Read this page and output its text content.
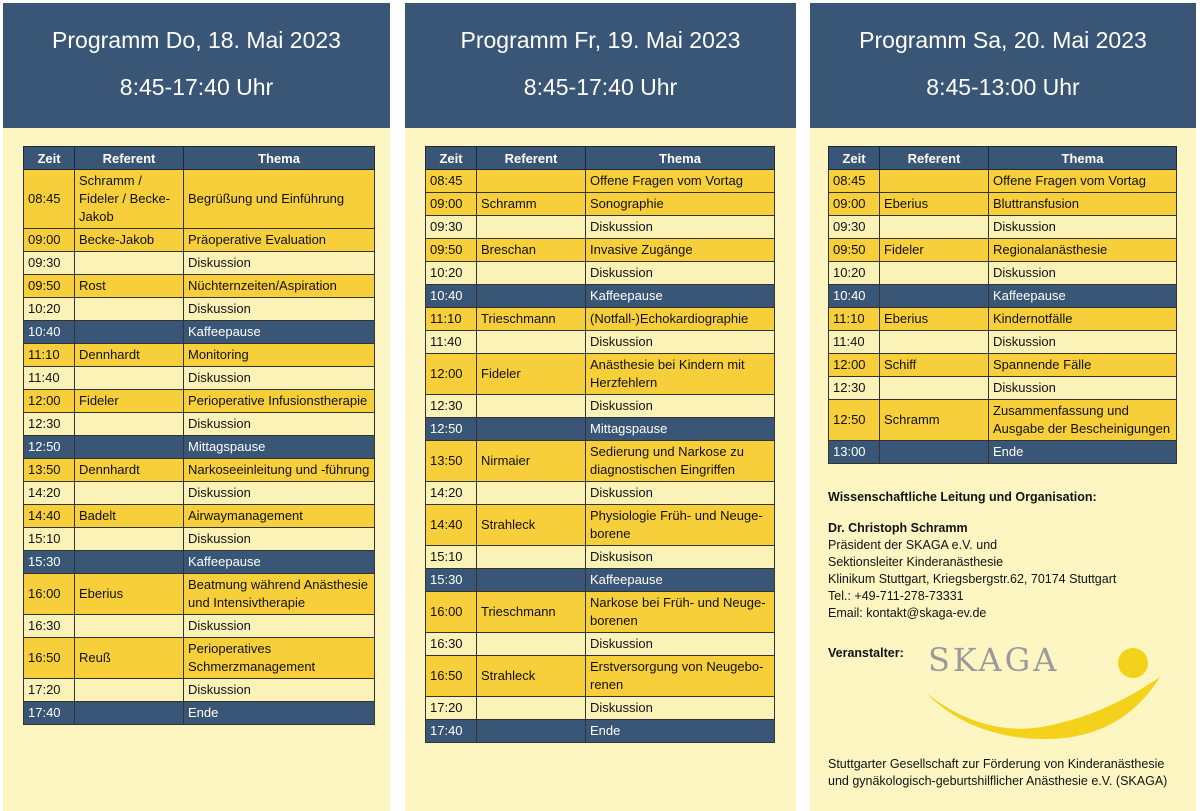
Programm Do, 18. Mai 2023
8:45-17:40 Uhr
Zeit	Referent	Thema
08:45	Schramm / Fideler / Becke-Jakob	Begrüßung und Einführung
09:00	Becke-Jakob	Präoperative Evaluation
09:30		Diskussion
09:50	Rost	Nüchternzeiten/Aspiration
10:20		Diskussion
10:40		Kaffeepause
11:10	Dennhardt	Monitoring
11:40		Diskussion
12:00	Fideler	Perioperative Infusionstherapie
12:30		Diskussion
12:50		Mittagspause
13:50	Dennhardt	Narkoseeinleitung und -führung
14:20		Diskussion
14:40	Badelt	Airwaymanagement
15:10		Diskussion
15:30		Kaffeepause
16:00	Eberius	Beatmung während Anästhesie und Intensivtherapie
16:30		Diskussion
16:50	Reuß	Perioperatives Schmerzmanagement
17:20		Diskussion
17:40		Ende
Programm Fr, 19. Mai 2023
8:45-17:40 Uhr
Zeit	Referent	Thema
08:45		Offene Fragen vom Vortag
09:00	Schramm	Sonographie
09:30		Diskussion
09:50	Breschan	Invasive Zugänge
10:20		Diskussion
10:40		Kaffeepause
11:10	Trieschmann	(Notfall-)Echokardiographie
11:40		Diskussion
12:00	Fideler	Anästhesie bei Kindern mit Herzfehlern
12:30		Diskussion
12:50		Mittagspause
13:50	Nirmaier	Sedierung und Narkose zu diagnostischen Eingriffen
14:20		Diskussion
14:40	Strahleck	Physiologie Früh- und Neuge-borene
15:10		Diskusison
15:30		Kaffeepause
16:00	Trieschmann	Narkose bei Früh- und Neuge-borenen
16:30		Diskussion
16:50	Strahleck	Erstversorgung von Neugebo-renen
17:20		Diskussion
17:40		Ende
Programm Sa, 20. Mai 2023
8:45-13:00 Uhr
Zeit	Referent	Thema
08:45		Offene Fragen vom Vortag
09:00	Eberius	Bluttransfusion
09:30		Diskussion
09:50	Fideler	Regionalanästhesie
10:20		Diskussion
10:40		Kaffeepause
11:10	Eberius	Kindernotfälle
11:40		Diskussion
12:00	Schiff	Spannende Fälle
12:30		Diskussion
12:50	Schramm	Zusammenfassung und Ausgabe der Bescheinigungen
13:00		Ende
Wissenschaftliche Leitung und Organisation:
Dr. Christoph Schramm
Präsident der SKAGA e.V. und
Sektionsleiter Kinderanästhesie
Klinikum Stuttgart, Kriegsbergstr.62, 70174 Stuttgart
Tel.: +49-711-278-73331
Email: kontakt@skaga-ev.de
Veranstalter: SKAGA
Stuttgarter Gesellschaft zur Förderung von Kinderanästhesie
und gynäkologisch-geburtshilflicher Anästhesie e.V. (SKAGA)
